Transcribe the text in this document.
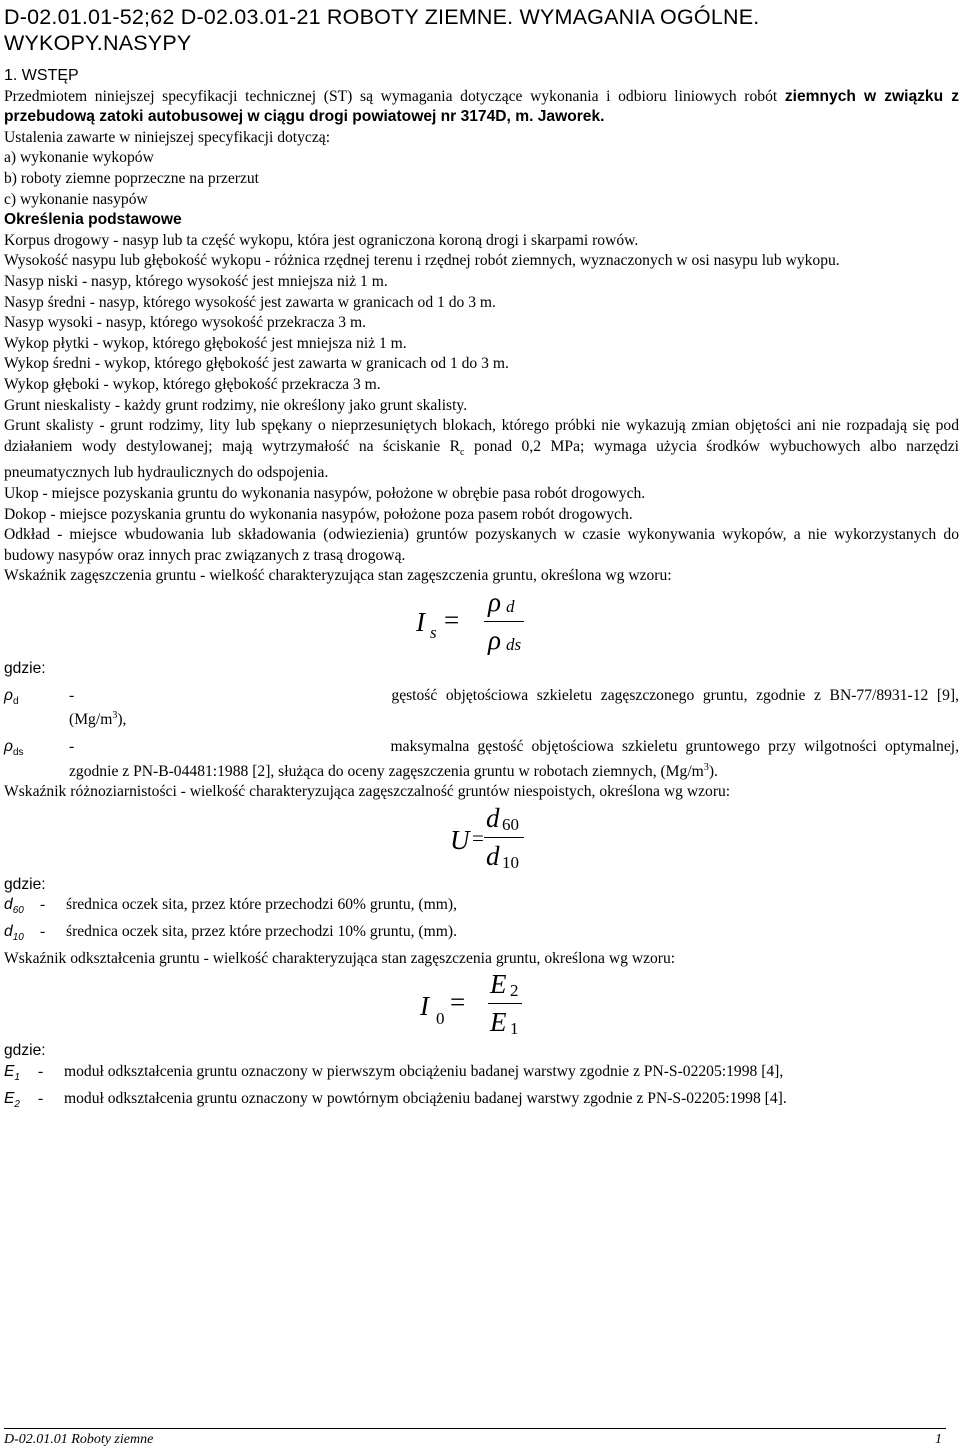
D-02.01.01-52;62 D-02.03.01-21 ROBOTY ZIEMNE. WYMAGANIA OGÓLNE. WYKOPY.NASYPY

1. WSTĘP

Przedmiotem niniejszej specyfikacji technicznej (ST) są wymagania dotyczące wykonania i odbioru liniowych robót ziemnych w związku z przebudową zatoki autobusowej w ciągu drogi powiatowej nr 3174D, m. Jaworek.

Ustalenia zawarte w niniejszej specyfikacji dotyczą:

a) wykonanie wykopów

b) roboty ziemne poprzeczne na przerzut

c) wykonanie nasypów

Określenia podstawowe

Korpus drogowy - nasyp lub ta część wykopu, która jest ograniczona koroną drogi i skarpami rowów.

Wysokość nasypu lub głębokość wykopu - różnica rzędnej terenu i rzędnej robót ziemnych, wyznaczonych w osi nasypu lub wykopu.

Nasyp niski - nasyp, którego wysokość jest mniejsza niż 1 m.

Nasyp średni - nasyp, którego wysokość jest zawarta w granicach od 1 do 3 m.

Nasyp wysoki - nasyp, którego wysokość przekracza 3 m.

Wykop płytki - wykop, którego głębokość jest mniejsza niż 1 m.

Wykop średni - wykop, którego głębokość jest zawarta w granicach od 1 do 3 m.

Wykop głęboki - wykop, którego głębokość przekracza 3 m.

Grunt nieskalisty - każdy grunt rodzimy, nie określony jako grunt skalisty.

Grunt skalisty - grunt rodzimy, lity lub spękany o nieprzesuniętych blokach, którego próbki nie wykazują zmian objętości ani nie rozpadają się pod działaniem wody destylowanej; mają wytrzymałość na ściskanie $R_c$ ponad 0,2 MPa; wymaga użycia środków wybuchowych albo narzędzi pneumatycznych lub hydraulicznych do odspojenia.

Ukop - miejsce pozyskania gruntu do wykonania nasypów, położone w obrębie pasa robót drogowych.

Dokop - miejsce pozyskania gruntu do wykonania nasypów, położone poza pasem robót drogowych.

Odkład - miejsce wbudowania lub składowania (odwiezienia) gruntów pozyskanych w czasie wykonywania wykopów, a nie wykorzystanych do budowy nasypów oraz innych prac związanych z trasą drogową.

Wskaźnik zagęszczenia gruntu - wielkość charakteryzująca stan zagęszczenia gruntu, określona wg wzoru:

I s =
ρ d
ρ ds

gdzie:

$\rho_d$	-	gęstość objętościowa szkieletu zagęszczonego gruntu, zgodnie z BN-77/8931-12 [9], $(Mg/m^3)$,
$\rho_{ds}$	-	maksymalna gęstość objętościowa szkieletu gruntowego przy wilgotności optymalnej, zgodnie z PN-B-04481:1988 [2], służąca do oceny zagęszczenia gruntu w robotach ziemnych, $(Mg/m^3)$.

Wskaźnik różnoziarnistości - wielkość charakteryzująca zagęszczalność gruntów niespoistych, określona wg wzoru:

U =
d 60
d 10

gdzie:

$d_{60}$	-	średnica oczek sita, przez które przechodzi 60% gruntu, (mm),
$d_{10}$	-	średnica oczek sita, przez które przechodzi 10% gruntu, (mm).

Wskaźnik odkształcenia gruntu - wielkość charakteryzująca stan zagęszczenia gruntu, określona wg wzoru:

I 0
=
E 2
E 1

gdzie:

$E_1$ - moduł odkształcenia gruntu oznaczony w pierwszym obciążeniu badanej warstwy zgodnie z PN-S-02205:1998 [4],

$E_2$ - moduł odkształcenia gruntu oznaczony w powtórnym obciążeniu badanej warstwy zgodnie z PN-S-02205:1998 [4].

D-02.01.01 Roboty ziemne	1
